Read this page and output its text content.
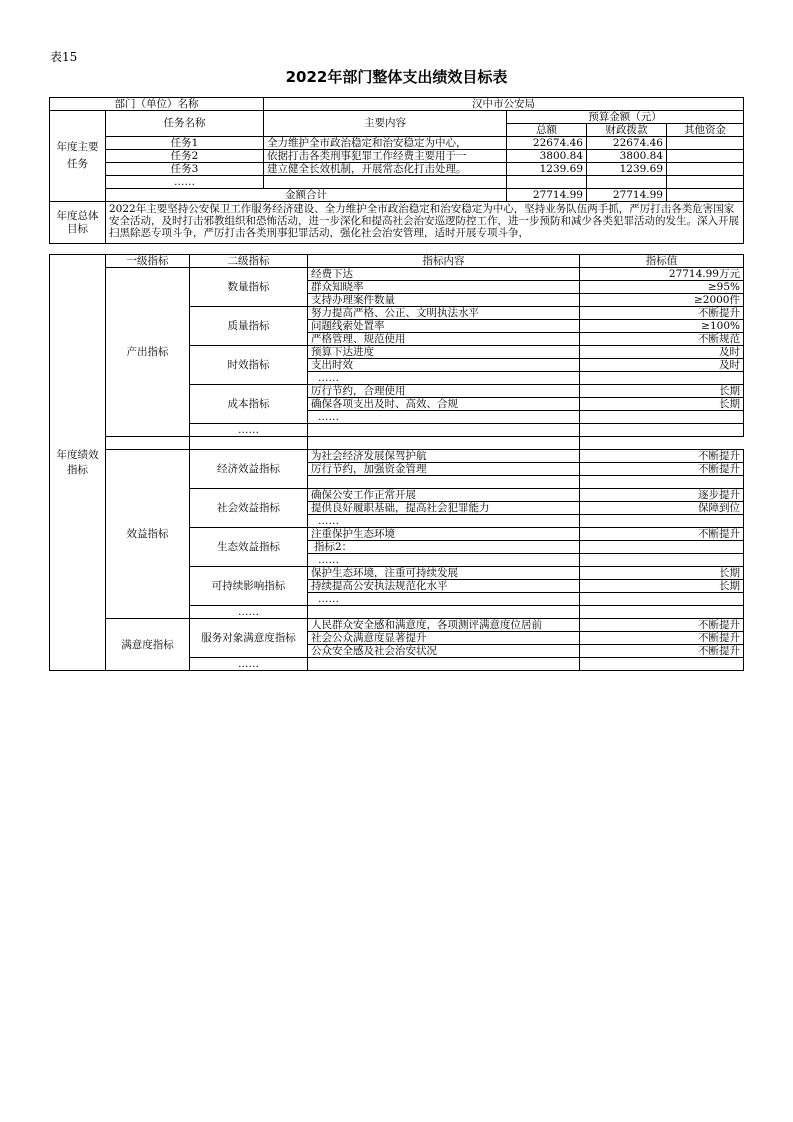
表15
2022年部门整体支出绩效目标表
部门（单位）名称		汉中市公安局			
年度主要任务	任务名称	主要内容	预算金额（元）		
			总额	财政拨款	其他资金
	任务1	全力维护全市政治稳定和治安稳定为中心，	22674.46	22674.46	
	任务2	依据打击各类刑事犯罪工作经费主要用于一	3800.84	3800.84	
	任务3	建立健全长效机制，开展常态化打击处理。	1239.69	1239.69	
	……				
	金额合计		27714.99	27714.99	
年度总体目标	2022年主要坚持公安保卫工作服务经济建设、全力维护全市政治稳定和治安稳定为中心，坚持业务队伍两手抓，严厉打击各类危害国家安全活动，及时打击邪教组织和恐怖活动，进一步深化和提高社会治安巡逻防控工作，进一步预防和减少各类犯罪活动的发生。深入开展扫黑除恶专项斗争，严厉打击各类刑事犯罪活动，强化社会治安管理，适时开展专项斗争，				
年度绩效指标	一级指标	二级指标	指标内容	指标值
	产出指标	数量指标	经费下达	27714.99万元
			群众知晓率	≥95%
			支持办理案件数量	≥2000件
		质量指标	努力提高严格、公正、文明执法水平	不断提升
			问题线索处置率	≥100%
			严格管理、规范使用	不断规范
		时效指标	预算下达进度	及时
			支出时效	及时
			……	
		成本指标	厉行节约，合理使用	长期
			确保各项支出及时、高效、合规	长期
			……	
		……		

	效益指标	经济效益指标	为社会经济发展保驾护航	不断提升
			厉行节约，加强资金管理	不断提升

		社会效益指标	确保公安工作正常开展	逐步提升
			提供良好履职基础，提高社会犯罪能力	保障到位
			……	
		生态效益指标	注重保护生态环境	不断提升
			指标2：	
			……	
		可持续影响指标	保护生态环境，注重可持续发展	长期
			持续提高公安执法规范化水平	长期
			……	
		……		
	满意度指标	服务对象满意度指标	人民群众安全感和满意度，各项测评满意度位居前	不断提升
			社会公众满意度显著提升	不断提升
			公众安全感及社会治安状况	不断提升
		……		
